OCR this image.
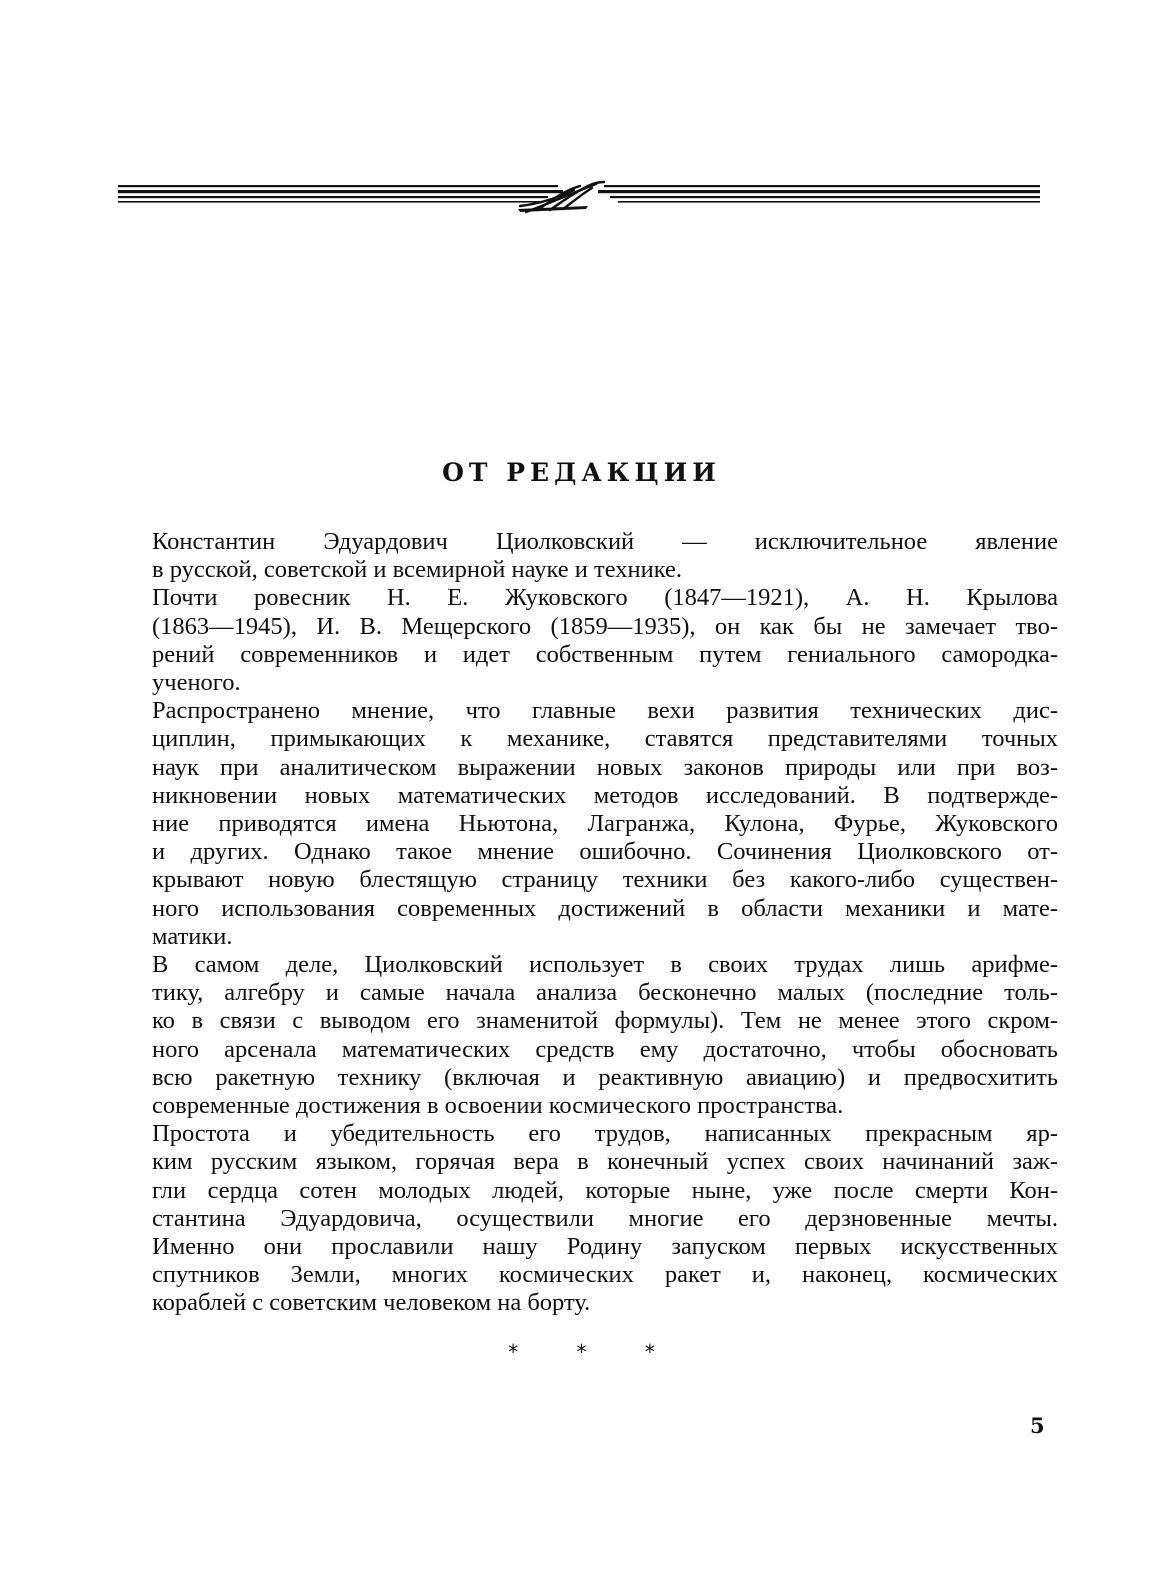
ОТ РЕДАКЦИИ

Константин Эдуардович Циолковский — исключительное явление
в русской, советской и всемирной науке и технике.

Почти ровесник Н. Е. Жуковского (1847—1921), А. Н. Крылова
(1863—1945), И. В. Мещерского (1859—1935), он как бы не замечает тво-
рений современников и идет собственным путем гениального самородка-
ученого.

Распространено мнение, что главные вехи развития технических дис-
циплин, примыкающих к механике, ставятся представителями точных
наук при аналитическом выражении новых законов природы или при воз-
никновении новых математических методов исследований. В подтвержде-
ние приводятся имена Ньютона, Лагранжа, Кулона, Фурье, Жуковского
и других. Однако такое мнение ошибочно. Сочинения Циолковского от-
крывают новую блестящую страницу техники без какого-либо существен-
ного использования современных достижений в области механики и мате-
матики.

В самом деле, Циолковский использует в своих трудах лишь арифме-
тику, алгебру и самые начала анализа бесконечно малых (последние толь-
ко в связи с выводом его знаменитой формулы). Тем не менее этого скром-
ного арсенала математических средств ему достаточно, чтобы обосновать
всю ракетную технику (включая и реактивную авиацию) и предвосхитить
современные достижения в освоении космического пространства.

Простота и убедительность его трудов, написанных прекрасным яр-
ким русским языком, горячая вера в конечный успех своих начинаний заж-
гли сердца сотен молодых людей, которые ныне, уже после смерти Кон-
стантина Эдуардовича, осуществили многие его дерзновенные мечты.
Именно они прославили нашу Родину запуском первых искусственных
спутников Земли, многих космических ракет и, наконец, космических
кораблей с советским человеком на борту.

* * *
5
